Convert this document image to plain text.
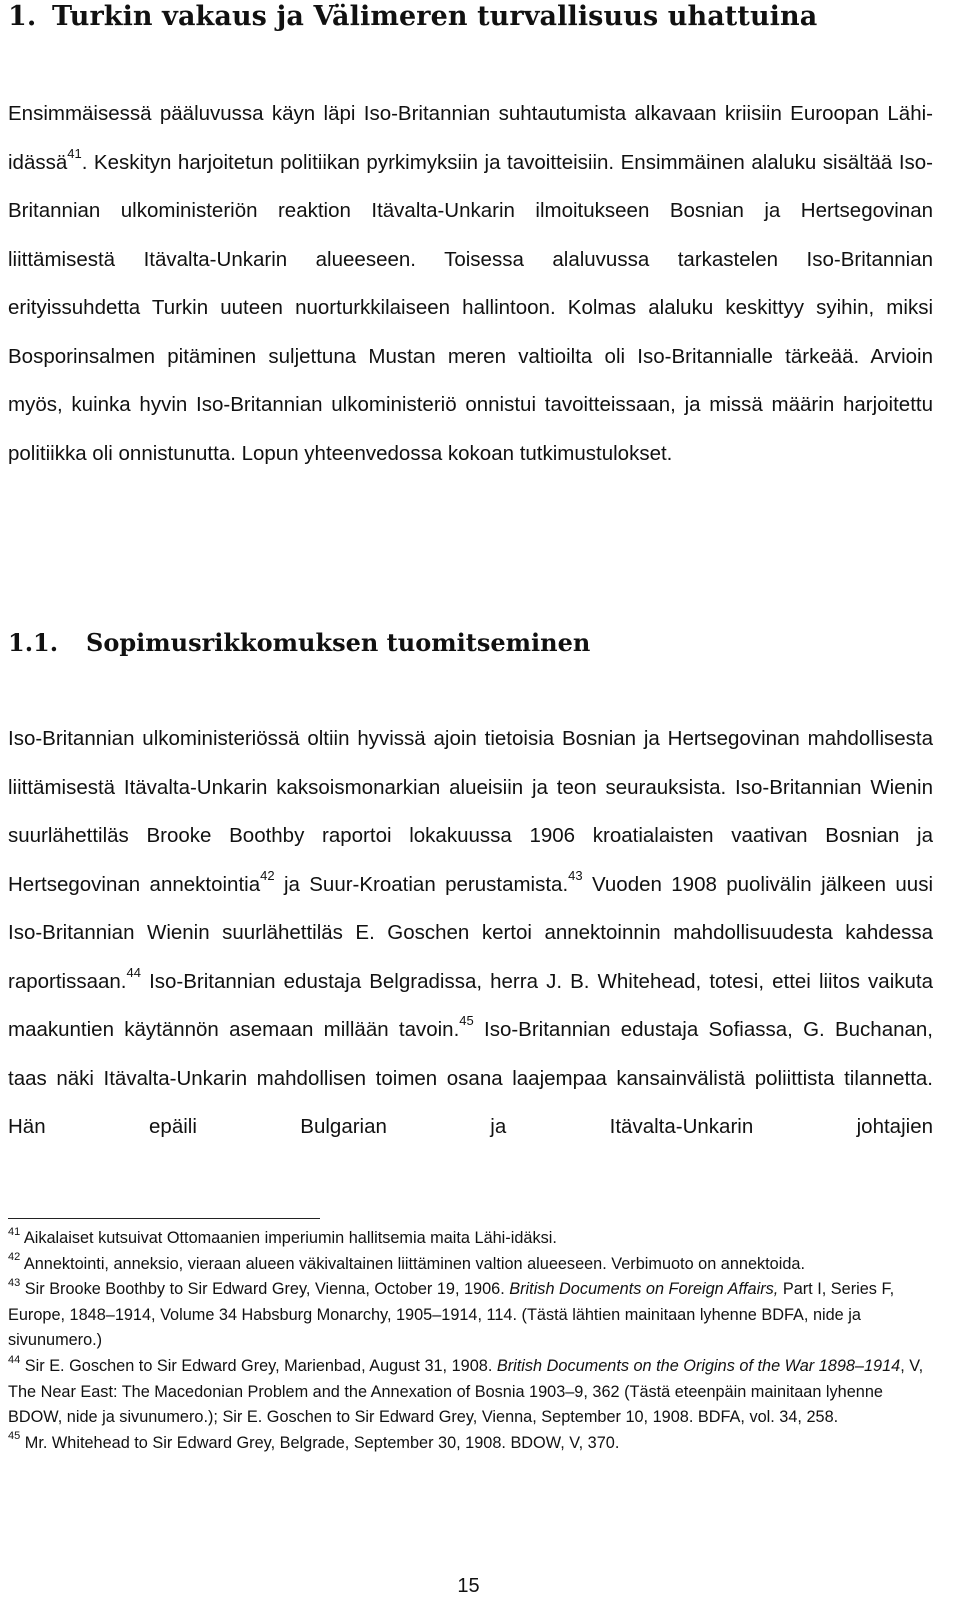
1. Turkin vakaus ja Välimeren turvallisuus uhattuina
Ensimmäisessä pääluvussa käyn läpi Iso-Britannian suhtautumista alkavaan kriisiin Euroopan Lähi-idässä$^{41}$. Keskityn harjoitetun politiikan pyrkimyksiin ja tavoitteisiin. Ensimmäinen alaluku sisältää Iso-Britannian ulkoministeriön reaktion Itävalta-Unkarin ilmoitukseen Bosnian ja Hertsegovinan liittämisestä Itävalta-Unkarin alueeseen. Toisessa alaluvussa tarkastelen Iso-Britannian erityissuhdetta Turkin uuteen nuorturkkilaiseen hallintoon. Kolmas alaluku keskittyy syihin, miksi Bosporinsalmen pitäminen suljettuna Mustan meren valtioilta oli Iso-Britannialle tärkeää. Arvioin myös, kuinka hyvin Iso-Britannian ulkoministeriö onnistui tavoitteissaan, ja missä määrin harjoitettu politiikka oli onnistunutta. Lopun yhteenvedossa kokoan tutkimustulokset.
1.1. Sopimusrikkomuksen tuomitseminen
Iso-Britannian ulkoministeriössä oltiin hyvissä ajoin tietoisia Bosnian ja Hertsegovinan mahdollisesta liittämisestä Itävalta-Unkarin kaksoismonarkian alueisiin ja teon seurauksista. Iso-Britannian Wienin suurlähettiläs Brooke Boothby raportoi lokakuussa 1906 kroatialaisten vaativan Bosnian ja Hertsegovinan annektointia$^{42}$ ja Suur-Kroatian perustamista.$^{43}$ Vuoden 1908 puolivälin jälkeen uusi Iso-Britannian Wienin suurlähettiläs E. Goschen kertoi annektoinnin mahdollisuudesta kahdessa raportissaan.$^{44}$ Iso-Britannian edustaja Belgradissa, herra J. B. Whitehead, totesi, ettei liitos vaikuta maakuntien käytännön asemaan millään tavoin.$^{45}$ Iso-Britannian edustaja Sofiassa, G. Buchanan, taas näki Itävalta-Unkarin mahdollisen toimen osana laajempaa kansainvälistä poliittista tilannetta. Hän epäili Bulgarian ja Itävalta-Unkarin johtajien

$^{41}$ Aikalaiset kutsuivat Ottomaanien imperiumin hallitsemia maita Lähi-idäksi.

$^{42}$ Annektointi, anneksio, vieraan alueen väkivaltainen liittäminen valtion alueeseen. Verbimuoto on annektoida.

$^{43}$ Sir Brooke Boothby to Sir Edward Grey, Vienna, October 19, 1906. British Documents on Foreign Affairs, Part I, Series F, Europe, 1848–1914, Volume 34 Habsburg Monarchy, 1905–1914, 114. (Tästä lähtien mainitaan lyhenne BDFA, nide ja sivunumero.)

$^{44}$ Sir E. Goschen to Sir Edward Grey, Marienbad, August 31, 1908. British Documents on the Origins of the War 1898–1914, V, The Near East: The Macedonian Problem and the Annexation of Bosnia 1903–9, 362 (Tästä eteenpäin mainitaan lyhenne BDOW, nide ja sivunumero.); Sir E. Goschen to Sir Edward Grey, Vienna, September 10, 1908. BDFA, vol. 34, 258.

$^{45}$ Mr. Whitehead to Sir Edward Grey, Belgrade, September 30, 1908. BDOW, V, 370.

15
